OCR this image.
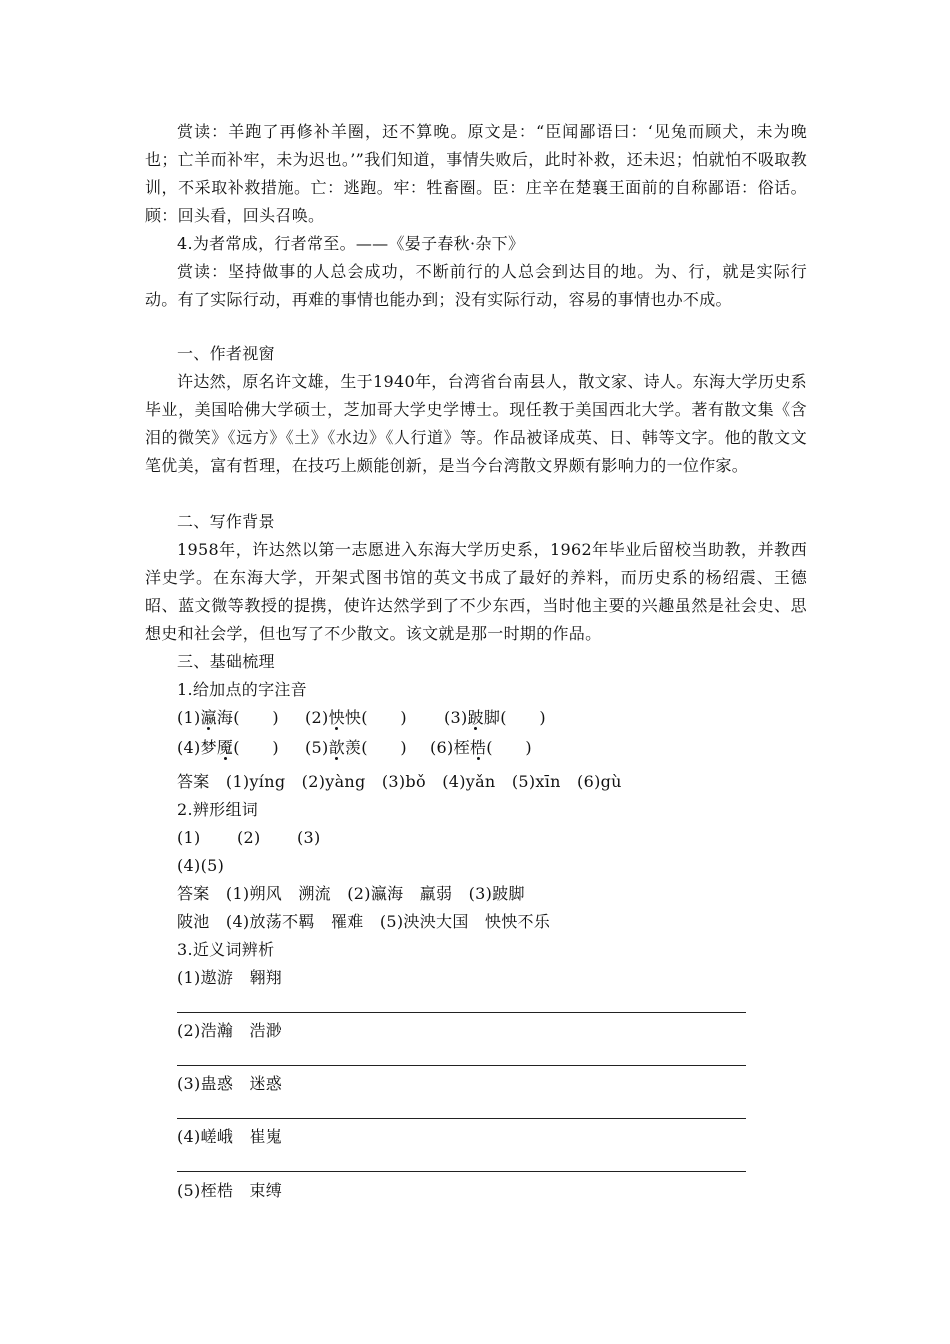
赏读：羊跑了再修补羊圈，还不算晚。原文是：“臣闻鄙语曰：‘见兔而顾犬，未为晚也；亡羊而补牢，未为迟也。’”我们知道，事情失败后，此时补救，还未迟；怕就怕不吸取教训，不采取补救措施。亡：逃跑。牢：牲畜圈。臣：庄辛在楚襄王面前的自称鄙语：俗话。顾：回头看，回头召唤。

4.为者常成，行者常至。——《晏子春秋·杂下》

赏读：坚持做事的人总会成功，不断前行的人总会到达目的地。为、行，就是实际行动。有了实际行动，再难的事情也能办到；没有实际行动，容易的事情也办不成。

一、作者视窗

许达然，原名许文雄，生于1940年，台湾省台南县人，散文家、诗人。东海大学历史系毕业，美国哈佛大学硕士，芝加哥大学史学博士。现任教于美国西北大学。著有散文集《含泪的微笑》《远方》《土》《水边》《人行道》等。作品被译成英、日、韩等文字。他的散文文笔优美，富有哲理，在技巧上颇能创新，是当今台湾散文界颇有影响力的一位作家。

二、写作背景

1958年，许达然以第一志愿进入东海大学历史系，1962年毕业后留校当助教，并教西洋史学。在东海大学，开架式图书馆的英文书成了最好的养料，而历史系的杨绍震、王德昭、蓝文微等教授的提携，使许达然学到了不少东西，当时他主要的兴趣虽然是社会史、思想史和社会学，但也写了不少散文。该文就是那一时期的作品。

三、基础梳理
1.给加点的字注音
(1)瀛海(　　) (2)怏怏(　　) (3)跛脚(　　)
(4)梦魇(　　) (5)歆羡(　　) (6)桎梏(　　)
答案　(1)yíng　(2)yàng　(3)bǒ　(4)yǎn　(5)xīn　(6)gù
2.辨形组词
(1) (2) (3)
(4)(5)
答案　(1)朔风　溯流　(2)瀛海　羸弱　(3)跛脚
陂池　(4)放荡不羁　罹难　(5)泱泱大国　怏怏不乐
3.近义词辨析
(1)遨游　翱翔
(2)浩瀚　浩渺
(3)蛊惑　迷惑
(4)嵯峨　崔嵬
(5)桎梏　束缚
